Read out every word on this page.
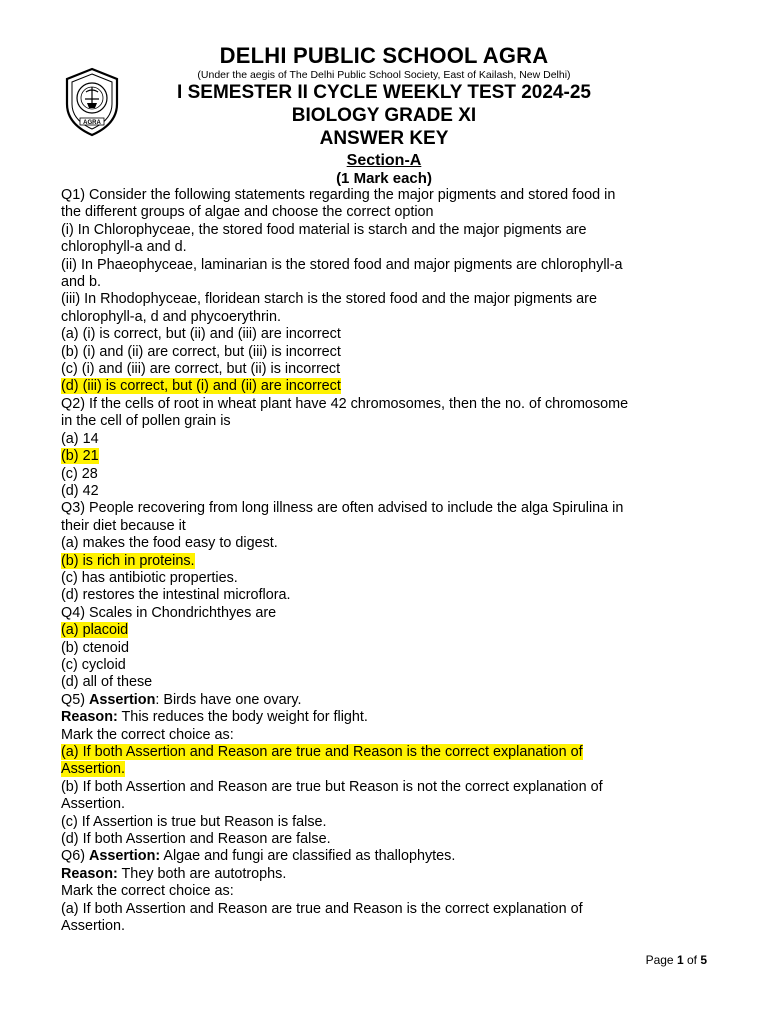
AGRA
DELHI PUBLIC SCHOOL AGRA
(Under the aegis of The Delhi Public School Society, East of Kailash, New Delhi)
I SEMESTER II CYCLE WEEKLY TEST 2024-25
BIOLOGY GRADE XI
ANSWER KEY
Section-A
(1 Mark each)
Q1) Consider the following statements regarding the major pigments and stored food in
the different groups of algae and choose the correct option
(i) In Chlorophyceae, the stored food material is starch and the major pigments are
chlorophyll-a and d.
(ii) In Phaeophyceae, laminarian is the stored food and major pigments are chlorophyll-a
and b.
(iii) In Rhodophyceae, floridean starch is the stored food and the major pigments are
chlorophyll-a, d and phycoerythrin.
(a) (i) is correct, but (ii) and (iii) are incorrect
(b) (i) and (ii) are correct, but (iii) is incorrect
(c) (i) and (iii) are correct, but (ii) is incorrect
(d) (iii) is correct, but (i) and (ii) are incorrect
Q2) If the cells of root in wheat plant have 42 chromosomes, then the no. of chromosome
in the cell of pollen grain is
(a) 14
(b) 21
(c) 28
(d) 42
Q3) People recovering from long illness are often advised to include the alga Spirulina in
their diet because it
(a) makes the food easy to digest.
(b) is rich in proteins.
(c) has antibiotic properties.
(d) restores the intestinal microflora.
Q4) Scales in Chondrichthyes are
(a) placoid
(b) ctenoid
(c) cycloid
(d) all of these
Q5) Assertion: Birds have one ovary.
Reason: This reduces the body weight for flight.
Mark the correct choice as:
(a) If both Assertion and Reason are true and Reason is the correct explanation of
Assertion.
(b) If both Assertion and Reason are true but Reason is not the correct explanation of
Assertion.
(c) If Assertion is true but Reason is false.
(d) If both Assertion and Reason are false.
Q6) Assertion: Algae and fungi are classified as thallophytes.
Reason: They both are autotrophs.
Mark the correct choice as:
(a) If both Assertion and Reason are true and Reason is the correct explanation of
Assertion.
Page 1 of 5
